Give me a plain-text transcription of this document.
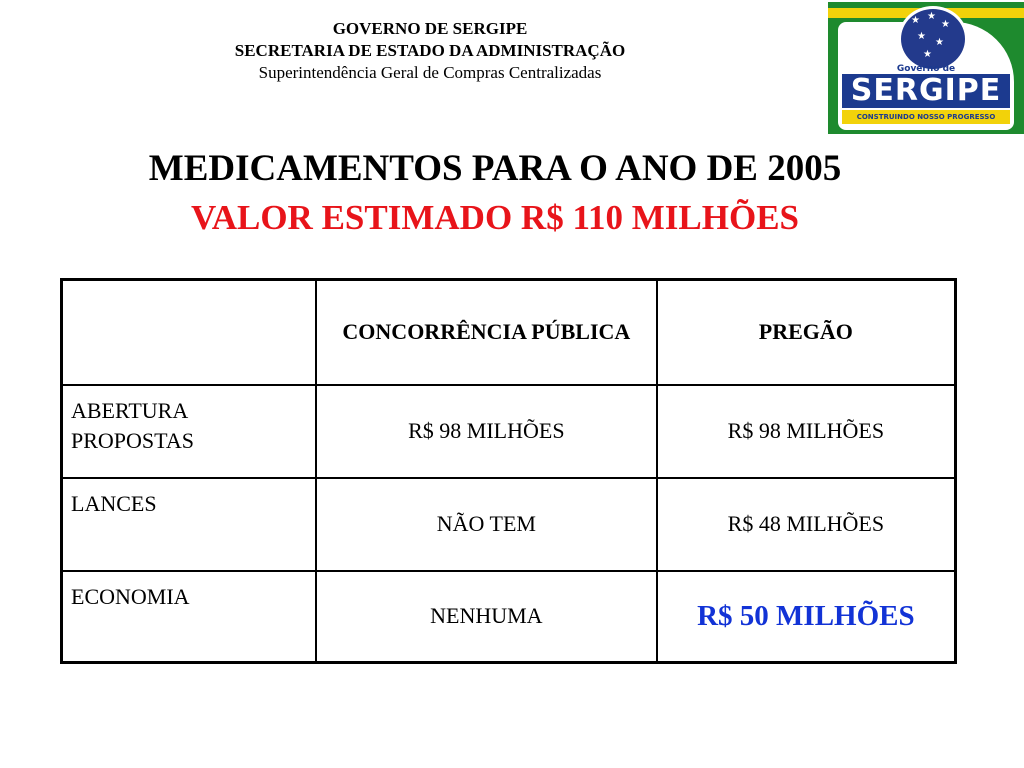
GOVERNO DE SERGIPE
SECRETARIA DE ESTADO DA ADMINISTRAÇÃO
Superintendência Geral de Compras Centralizadas
★ ★
★
★
★
★
Governo de
SERGIPE
CONSTRUINDO NOSSO PROGRESSO
MEDICAMENTOS PARA O ANO DE 2005
VALOR ESTIMADO R$ 110 MILHÕES
	CONCORRÊNCIA PÚBLICA	PREGÃO
ABERTURA PROPOSTAS	R$ 98 MILHÕES	R$ 98 MILHÕES
LANCES	NÃO TEM	R$ 48 MILHÕES
ECONOMIA	NENHUMA	R$ 50 MILHÕES
